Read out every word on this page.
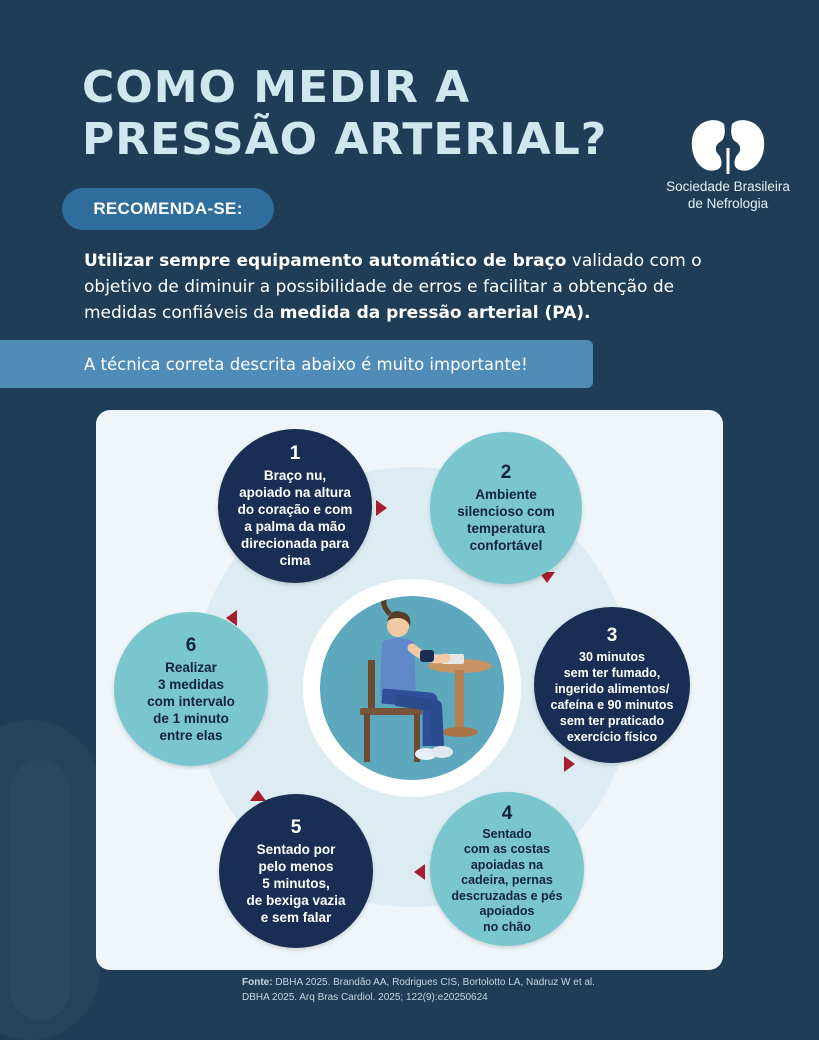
COMO MEDIR A
PRESSÃO ARTERIAL?
Sociedade Brasileira
de Nefrologia
RECOMENDA-SE:

Utilizar sempre equipamento automático de braço validado com o objetivo de diminuir a possibilidade de erros e facilitar a obtenção de medidas confiáveis da medida da pressão arterial (PA).

A técnica correta descrita abaixo é muito importante!
1
Braço nu,
apoiado na altura
do coração e com
a palma da mão
direcionada para
cima
2
Ambiente
silencioso com
temperatura
confortável
3
30 minutos
sem ter fumado,
ingerido alimentos/
cafeína e 90 minutos
sem ter praticado
exercício físico
4
Sentado
com as costas
apoiadas na
cadeira, pernas
descruzadas e pés
apoiados
no chão
5
Sentado por
pelo menos
5 minutos,
de bexiga vazia
e sem falar
6
Realizar
3 medidas
com intervalo
de 1 minuto
entre elas

Fonte: DBHA 2025. Brandão AA, Rodrigues CIS, Bortolotto LA, Nadruz W et al. DBHA 2025. Arq Bras Cardiol. 2025; 122(9):e20250624
